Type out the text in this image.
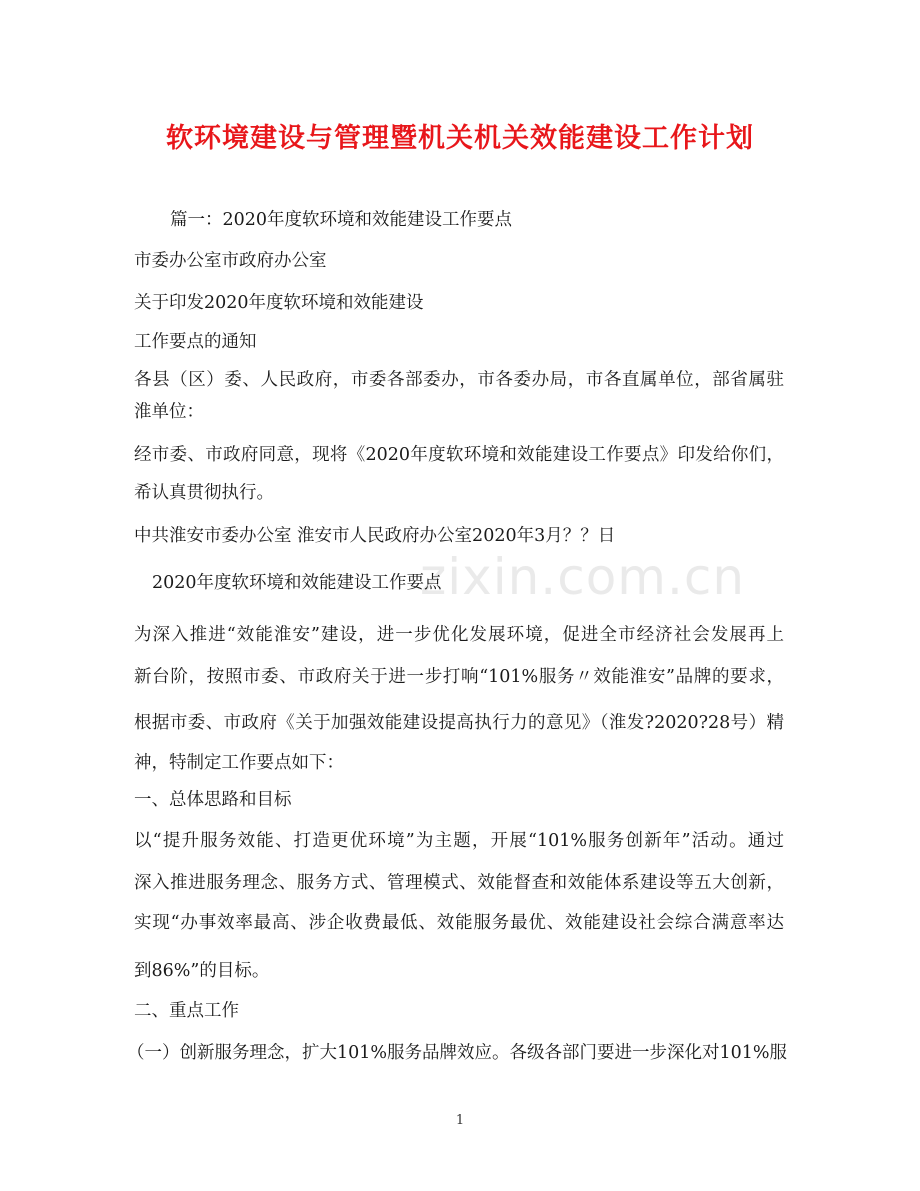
zixin.com.cn
软环境建设与管理暨机关机关效能建设工作计划
篇一：2020年度软环境和效能建设工作要点
市委办公室市政府办公室
关于印发2020年度软环境和效能建设
工作要点的通知
各县（区）委、人民政府，市委各部委办，市各委办局，市各直属单位，部省属驻
淮单位：
经市委、市政府同意，现将《2020年度软环境和效能建设工作要点》印发给你们，
希认真贯彻执行。
中共淮安市委办公室 淮安市人民政府办公室2020年3月？？日
2020年度软环境和效能建设工作要点
为深入推进“效能淮安”建设，进一步优化发展环境，促进全市经济社会发展再上
新台阶，按照市委、市政府关于进一步打响“101%服务〃效能淮安”品牌的要求，
根据市委、市政府《关于加强效能建设提高执行力的意见》（淮发?2020?28号）精
神，特制定工作要点如下：
一、总体思路和目标
以“提升服务效能、打造更优环境”为主题，开展“101%服务创新年”活动。通过
深入推进服务理念、服务方式、管理模式、效能督查和效能体系建设等五大创新，
实现“办事效率最高、涉企收费最低、效能服务最优、效能建设社会综合满意率达
到86%”的目标。
二、重点工作
（一）创新服务理念，扩大101%服务品牌效应。各级各部门要进一步深化对101%服
1
